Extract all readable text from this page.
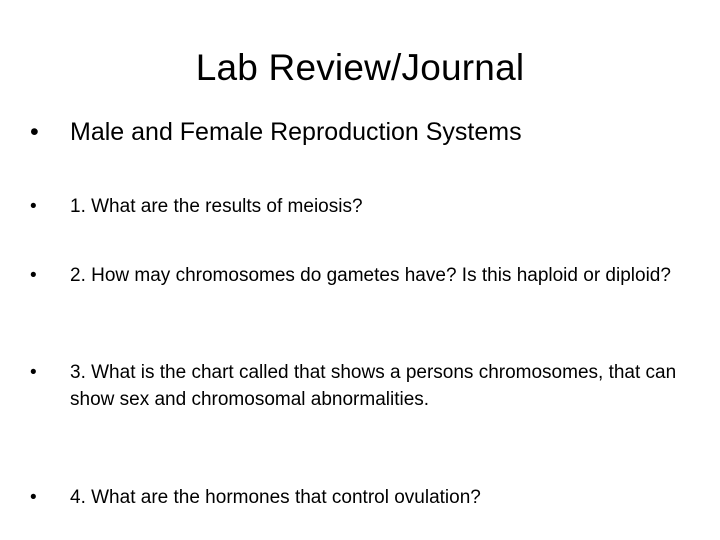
Lab Review/Journal
•	Male and Female Reproduction Systems
•	1. What are the results of meiosis?
•	2. How may chromosomes do gametes have? Is this haploid or diploid?
•	3. What is the chart called that shows a persons chromosomes, that can show sex and chromosomal abnormalities.
•	4. What are the hormones that control ovulation?
